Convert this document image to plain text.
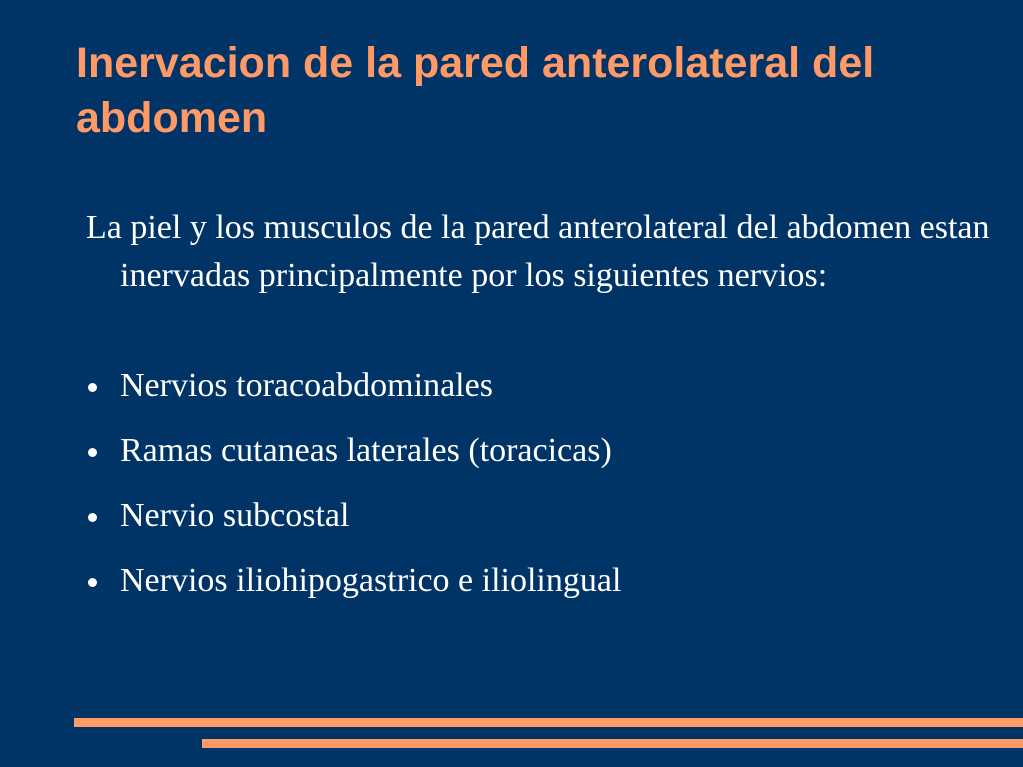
Inervacion de la pared anterolateral del abdomen

La piel y los musculos de la pared anterolateral del abdomen estan inervadas principalmente por los siguientes nervios:

Nervios toracoabdominales
Ramas cutaneas laterales (toracicas)
Nervio subcostal
Nervios iliohipogastrico e iliolingual
